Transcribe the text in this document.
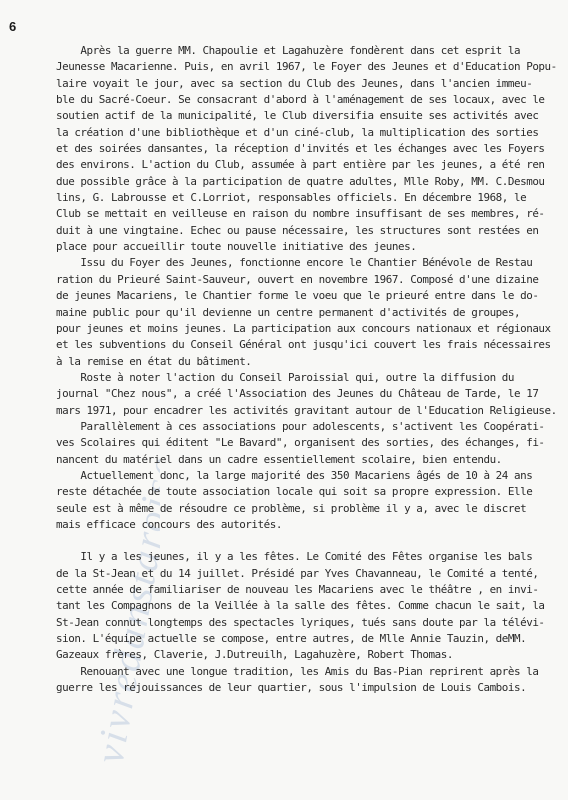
6
vivredanstaroise.com
Après la guerre MM. Chapoulie et Lagahuzère fondèrent dans cet esprit la
Jeunesse Macarienne. Puis, en avril 1967, le Foyer des Jeunes et d'Education Popu-
laire voyait le jour, avec sa section du Club des Jeunes, dans l'ancien immeu-
ble du Sacré-Coeur. Se consacrant d'abord à l'aménagement de ses locaux, avec le
soutien actif de la municipalité, le Club diversifia ensuite ses activités avec
la création d'une bibliothèque et d'un ciné-club, la multiplication des sorties
et des soirées dansantes, la réception d'invités et les échanges avec les Foyers
des environs. L'action du Club, assumée à part entière par les jeunes, a été ren
due possible grâce à la participation de quatre adultes, Mlle Roby, MM. C.Desmou
lins, G. Labrousse et C.Lorriot, responsables officiels. En décembre 1968, le
Club se mettait en veilleuse en raison du nombre insuffisant de ses membres, ré-
duit à une vingtaine. Echec ou pause nécessaire, les structures sont restées en
place pour accueillir toute nouvelle initiative des jeunes.
Issu du Foyer des Jeunes, fonctionne encore le Chantier Bénévole de Restau
ration du Prieuré Saint-Sauveur, ouvert en novembre 1967. Composé d'une dizaine
de jeunes Macariens, le Chantier forme le voeu que le prieuré entre dans le do-
maine public pour qu'il devienne un centre permanent d'activités de groupes,
pour jeunes et moins jeunes. La participation aux concours nationaux et régionaux
et les subventions du Conseil Général ont jusqu'ici couvert les frais nécessaires
à la remise en état du bâtiment.
Roste à noter l'action du Conseil Paroissial qui, outre la diffusion du
journal "Chez nous", a créé l'Association des Jeunes du Château de Tarde, le 17
mars 1971, pour encadrer les activités gravitant autour de l'Education Religieuse.
Parallèlement à ces associations pour adolescents, s'activent les Coopérati-
ves Scolaires qui éditent "Le Bavard", organisent des sorties, des échanges, fi-
nancent du matériel dans un cadre essentiellement scolaire, bien entendu.
Actuellement donc, la large majorité des 350 Macariens âgés de 10 à 24 ans
reste détachée de toute association locale qui soit sa propre expression. Elle
seule est à même de résoudre ce problème, si problème il y a, avec le discret
mais efficace concours des autorités.
Il y a les jeunes, il y a les fêtes. Le Comité des Fêtes organise les bals
de la St-Jean et du 14 juillet. Présidé par Yves Chavanneau, le Comité a tenté,
cette année de familiariser de nouveau les Macariens avec le théâtre , en invi-
tant les Compagnons de la Veillée à la salle des fêtes. Comme chacun le sait, la
St-Jean connut longtemps des spectacles lyriques, tués sans doute par la télévi-
sion. L'équipe actuelle se compose, entre autres, de Mlle Annie Tauzin, deMM.
Gazeaux frères, Claverie, J.Dutreuilh, Lagahuzère, Robert Thomas.
Renouant avec une longue tradition, les Amis du Bas-Pian reprirent après la
guerre les réjouissances de leur quartier, sous l'impulsion de Louis Cambois.
